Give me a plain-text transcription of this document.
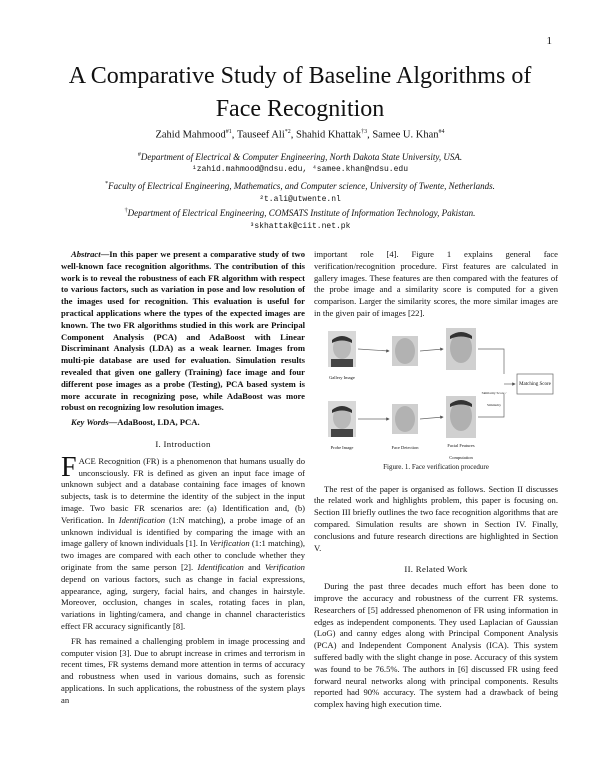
1
A Comparative Study of Baseline Algorithms of
Face Recognition
Zahid Mahmood$^{\#1}$, Tauseef Ali$^{*2}$, Shahid Khattak$^{\dagger 3}$, Samee U. Khan$^{\#4}$
#Department of Electrical & Computer Engineering, North Dakota State University, USA.
¹zahid.mahmood@ndsu.edu, ⁴samee.khan@ndsu.edu
*Faculty of Electrical Engineering, Mathematics, and Computer science, University of Twente, Netherlands.
²t.ali@utwente.nl
†Department of Electrical Engineering, COMSATS Institute of Information Technology, Pakistan.
³skhattak@ciit.net.pk

Abstract—In this paper we present a comparative study of two well-known face recognition algorithms. The contribution of this work is to reveal the robustness of each FR algorithm with respect to various factors, such as variation in pose and low resolution of the images used for recognition. This evaluation is useful for practical applications where the types of the expected images are known. The two FR algorithms studied in this work are Principal Component Analysis (PCA) and AdaBoost with Linear Discriminant Analysis (LDA) as a weak learner. Images from multi-pie database are used for evaluation. Simulation results revealed that given one gallery (Training) face image and four different pose images as a probe (Testing), PCA based system is more accurate in recognizing pose, while AdaBoost was more robust on recognizing low resolution images.

Key Words—AdaBoost, LDA, PCA.

I. Introduction

FACE Recognition (FR) is a phenomenon that humans usually do unconsciously. FR is defined as given an input face image of unknown subject and a database containing face images of known subjects, task is to determine the identity of the subject in the input image. Two basic FR scenarios are: (a) Identification and, (b) Verification. In Identification (1:N matching), a probe image of an unknown individual is identified by comparing the image with an image gallery of known individuals [1]. In Verification (1:1 matching), two images are compared with each other to conclude whether they originate from the same person [2]. Identification and Verification depend on various factors, such as change in facial expressions, appearance, aging, surgery, facial hairs, and changes in hairstyle. Moreover, occlusion, changes in scales, rotating faces in plan, variations in lighting/camera, and change in channel characteristics effect FR accuracy significantly [8].

FR has remained a challenging problem in image processing and computer vision [3]. Due to abrupt increase in crimes and terrorism in recent times, FR systems demand more attention in terms of accuracy and robustness when used in various domains, such as forensic applications. In such applications, the robustness of the system plays an

important role [4]. Figure 1 explains general face verification/recognition procedure. First features are calculated in gallery images. These features are then compared with the features of the probe image and a similarity score is computed for a given comparison. Larger the similarity scores, the more similar images are in the given pair of images [22].

Gallery Image
Probe Image	Face Detection	Facial Features Computation
Matching Score
Similarity Score / Similarity
Figure. 1. Face verification procedure

The rest of the paper is organised as follows. Section II discusses the related work and highlights problem, this paper is focusing on. Section III briefly outlines the two face recognition algorithms that are compared. Simulation results are shown in Section IV. Finally, conclusions and future research directions are highlighted in Section V.

II. Related Work

During the past three decades much effort has been done to improve the accuracy and robustness of the current FR systems. Researchers of [5] addressed phenomenon of FR using information in edges as independent components. They used Laplacian of Gaussian (LoG) and canny edges along with Principal Component Analysis (PCA) and Independent Component Analysis (ICA). This system suffered badly with the slight change in pose. Accuracy of this system was found to be 76.5%. The authors in [6] discussed FR using feed forward neural networks along with principal components. Results reported had 90% accuracy. The system had a drawback of being complex having high execution time.
